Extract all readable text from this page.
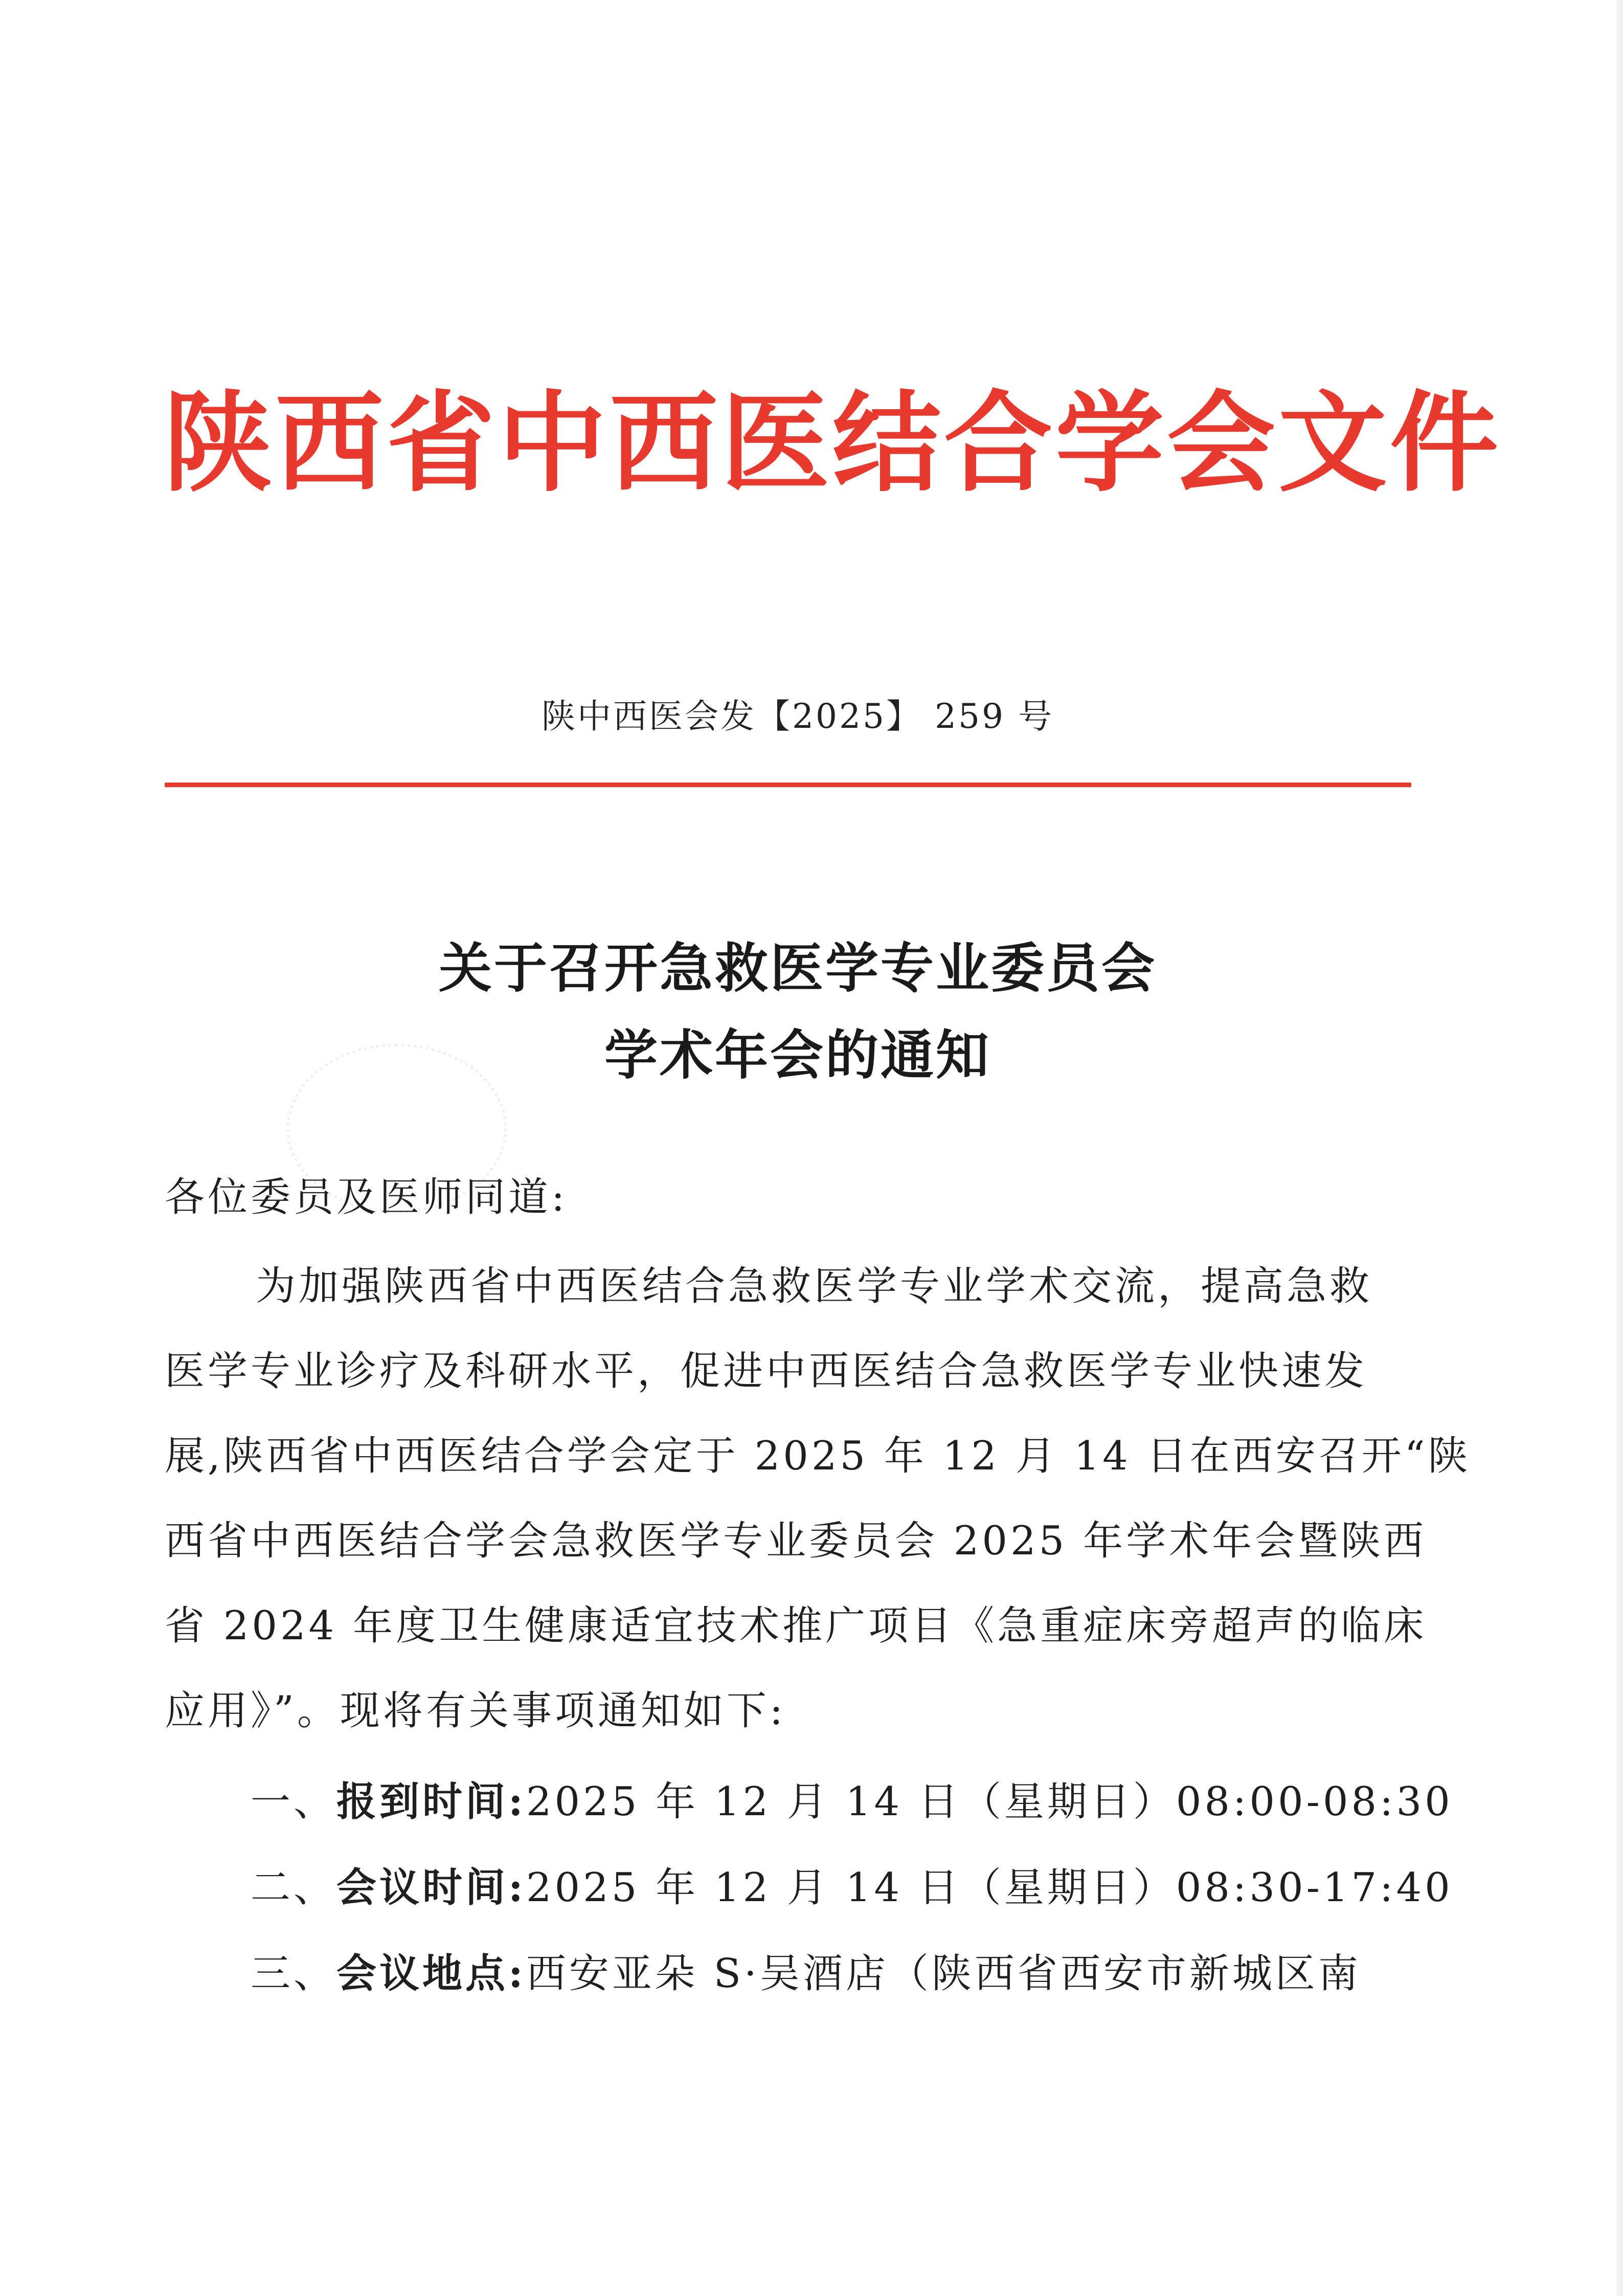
陕西省中西医结合学会文件
陕中西医会发【2025】 259 号
关于召开急救医学专业委员会
学术年会的通知
各位委员及医师同道:
为加强陕西省中西医结合急救医学专业学术交流，提高急救
医学专业诊疗及科研水平，促进中西医结合急救医学专业快速发
展,陕西省中西医结合学会定于 2025 年 12 月 14 日在西安召开“陕
西省中西医结合学会急救医学专业委员会 2025 年学术年会暨陕西
省 2024 年度卫生健康适宜技术推广项目《急重症床旁超声的临床
应用》”。现将有关事项通知如下:
一、报到时间:2025 年 12 月 14 日（星期日）08:00-08:30
二、会议时间:2025 年 12 月 14 日（星期日）08:30-17:40
三、会议地点:西安亚朵 S·吴酒店（陕西省西安市新城区南
